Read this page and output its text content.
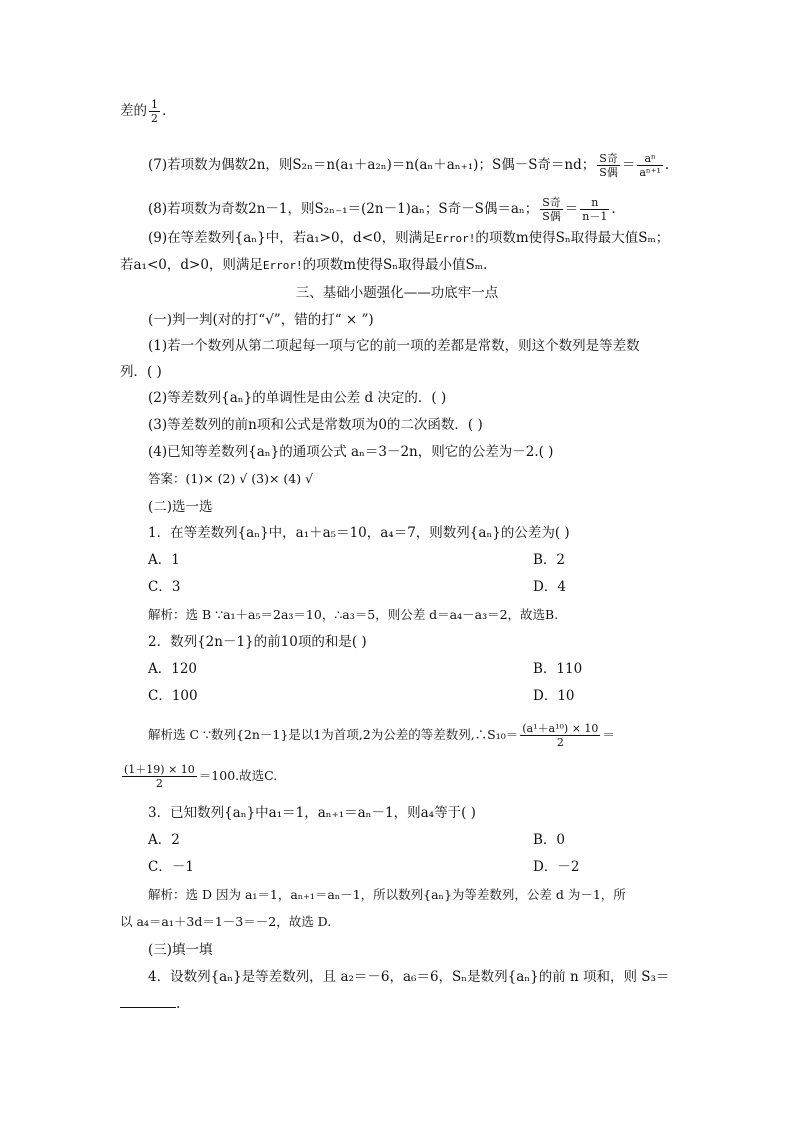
差的 $\frac{1}{2}$ .
(7)若项数为偶数2n，则S₂ₙ＝n(a₁＋a₂ₙ)＝n(aₙ＋aₙ₊₁)；S偶－S奇＝nd； $\frac{\text{S奇}}{\text{S偶}} = \frac{\text{aⁿ}}{\text{aⁿ⁺¹}}$ .
(8)若项数为奇数2n－1，则S₂ₙ₋₁＝(2n－1)aₙ；S奇－S偶＝aₙ； $\frac{\text{S奇}}{\text{S偶}} = \frac{n}{n-1}$ .
(9)在等差数列{aₙ}中，若a₁>0，d<0，则满足Error!的项数m使得Sₙ取得最大值Sₘ；
若a₁<0，d>0，则满足Error!的项数m使得Sₙ取得最小值Sₘ.
三、基础小题强化——功底牢一点
(一)判一判(对的打“√”，错的打“ × ”)
(1)若一个数列从第二项起每一项与它的前一项的差都是常数，则这个数列是等差数
列．( )
(2)等差数列{aₙ}的单调性是由公差 d 决定的．( )
(3)等差数列的前n项和公式是常数项为0的二次函数．( )
(4)已知等差数列{aₙ}的通项公式 aₙ＝3－2n，则它的公差为－2.( )
答案：(1)× (2) √ (3)× (4) √
(二)选一选
1．在等差数列{aₙ}中，a₁＋a₅＝10，a₄＝7，则数列{aₙ}的公差为( )
A．1	B．2
C．3	D．4
解析：选 B ∵a₁＋a₅＝2a₃＝10，∴a₃＝5，则公差 d＝a₄－a₃＝2，故选B.
2．数列{2n－1}的前10项的和是( )
A．120	B．110
C．100	D．10
解析选 C ∵数列{2n－1}是以1为首项,2为公差的等差数列,∴S₁₀＝ $\frac{\text{(a¹＋a¹⁰) × 10}}{2}$ ＝
$\frac{(1+19) \times 10}{2} =100$.故选C.
3．已知数列{aₙ}中a₁＝1，aₙ₊₁＝aₙ－1，则a₄等于( )
A．2	B．0
C．－1	D．－2
解析：选 D 因为 a₁＝1，aₙ₊₁＝aₙ－1，所以数列{aₙ}为等差数列，公差 d 为－1，所
以 a₄＝a₁＋3d＝1－3＝－2，故选 D.
(三)填一填
4．设数列{aₙ}是等差数列，且 a₂＝－6，a₆＝6，Sₙ是数列{aₙ}的前 n 项和，则 S₃＝
.
